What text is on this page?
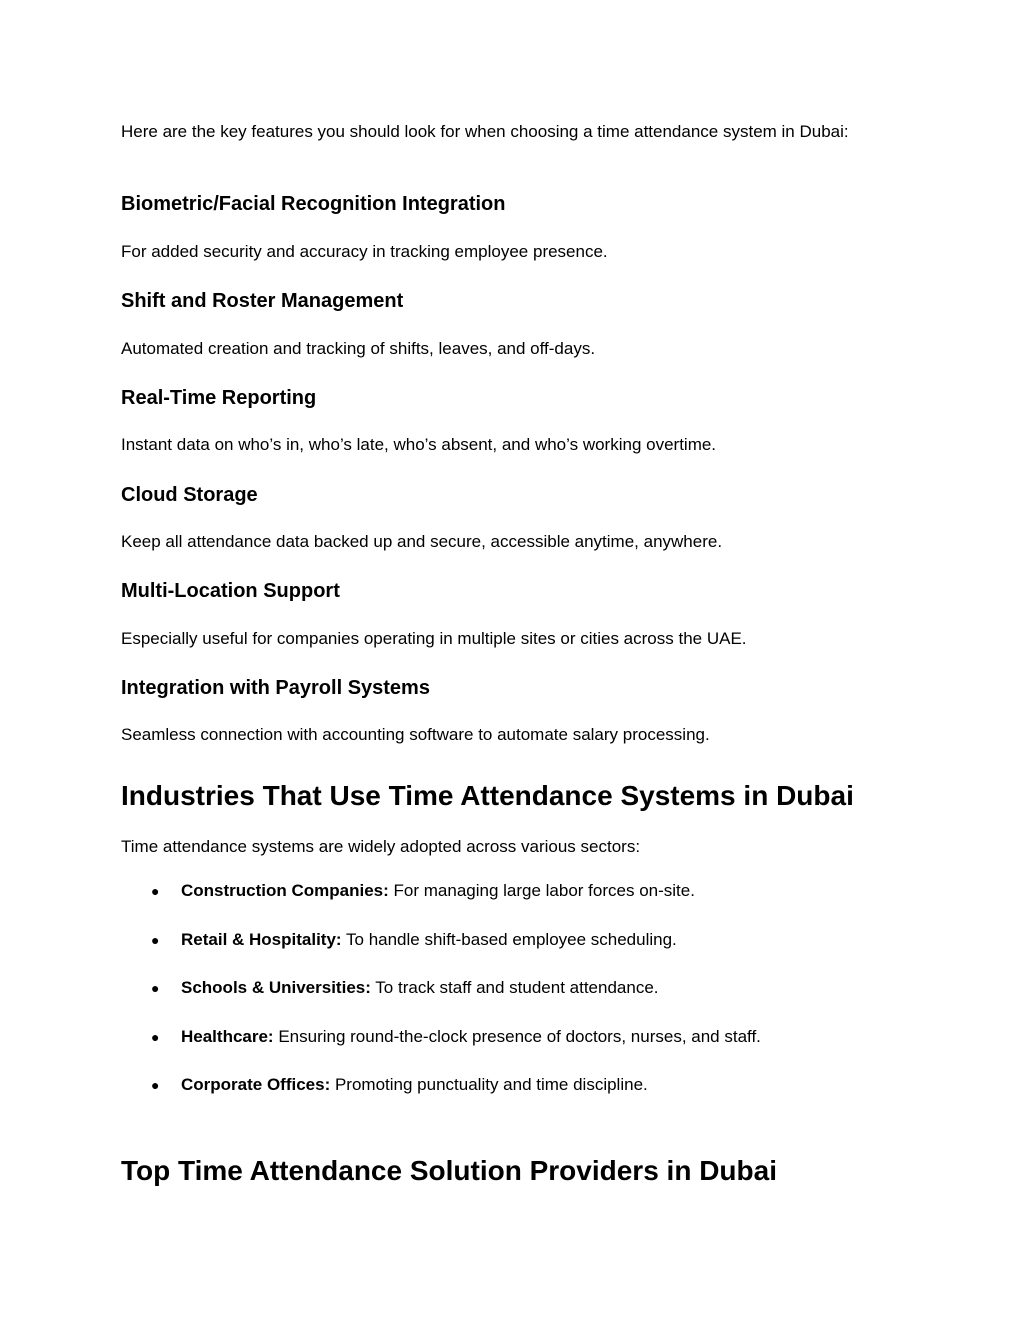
Here are the key features you should look for when choosing a time attendance system in Dubai:

Biometric/Facial Recognition Integration

For added security and accuracy in tracking employee presence.

Shift and Roster Management

Automated creation and tracking of shifts, leaves, and off-days.

Real-Time Reporting

Instant data on who’s in, who’s late, who’s absent, and who’s working overtime.

Cloud Storage

Keep all attendance data backed up and secure, accessible anytime, anywhere.

Multi-Location Support

Especially useful for companies operating in multiple sites or cities across the UAE.

Integration with Payroll Systems

Seamless connection with accounting software to automate salary processing.

Industries That Use Time Attendance Systems in Dubai

Time attendance systems are widely adopted across various sectors:

● Construction Companies: For managing large labor forces on-site.
● Retail & Hospitality: To handle shift-based employee scheduling.
● Schools & Universities: To track staff and student attendance.
● Healthcare: Ensuring round-the-clock presence of doctors, nurses, and staff.
● Corporate Offices: Promoting punctuality and time discipline.
Top Time Attendance Solution Providers in Dubai
